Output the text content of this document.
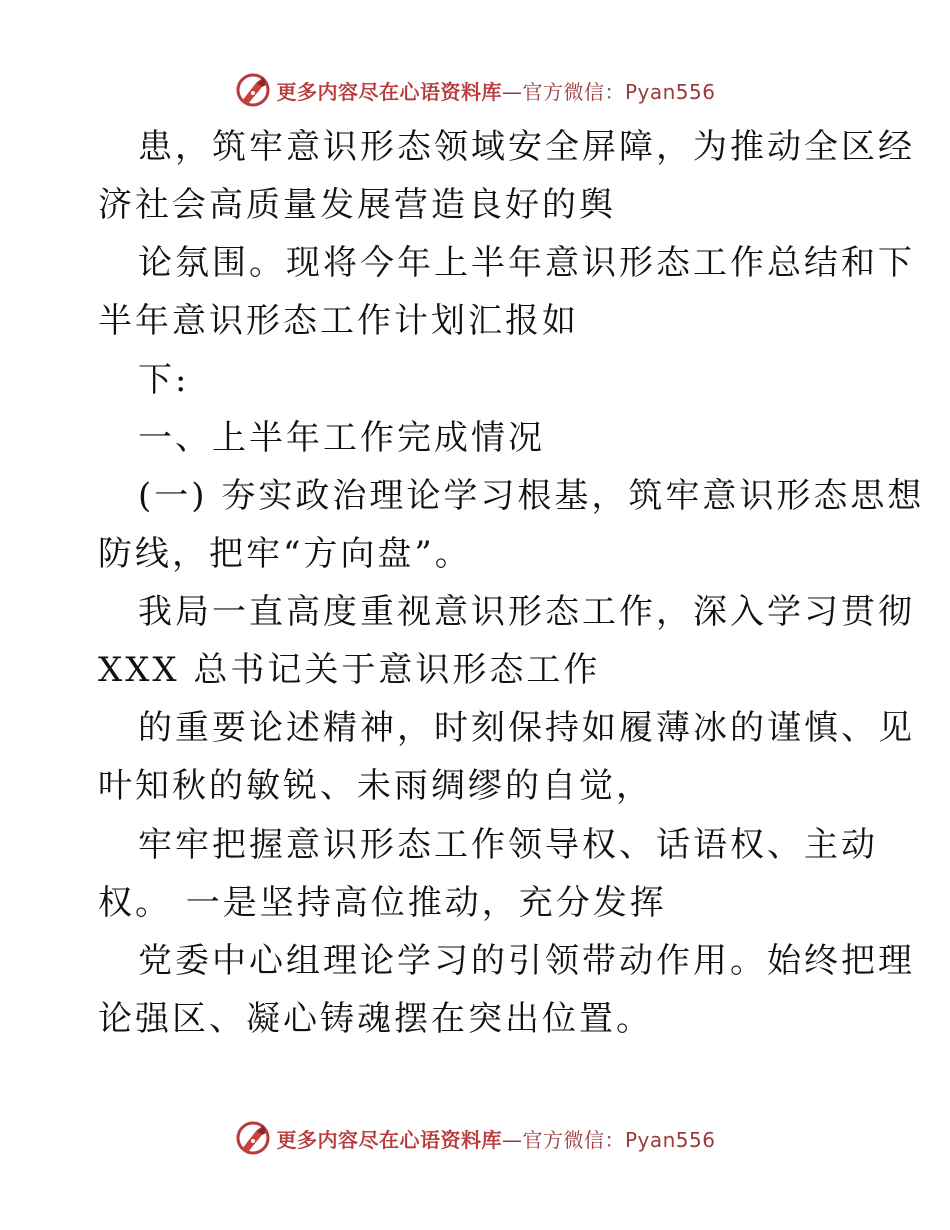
更多内容尽在心语资料库—官方微信：Pyan556
患，筑牢意识形态领域安全屏障，为推动全区经
济社会高质量发展营造良好的舆
论氛围。现将今年上半年意识形态工作总结和下
半年意识形态工作计划汇报如
下:
一、上半年工作完成情况
(一) 夯实政治理论学习根基，筑牢意识形态思想
防线，把牢“方向盘”。
我局一直高度重视意识形态工作，深入学习贯彻
XXX 总书记关于意识形态工作
的重要论述精神，时刻保持如履薄冰的谨慎、见
叶知秋的敏锐、未雨绸缪的自觉，
牢牢把握意识形态工作领导权、话语权、主动
权。 一是坚持高位推动，充分发挥
党委中心组理论学习的引领带动作用。始终把理
论强区、凝心铸魂摆在突出位置。
更多内容尽在心语资料库—官方微信：Pyan556
